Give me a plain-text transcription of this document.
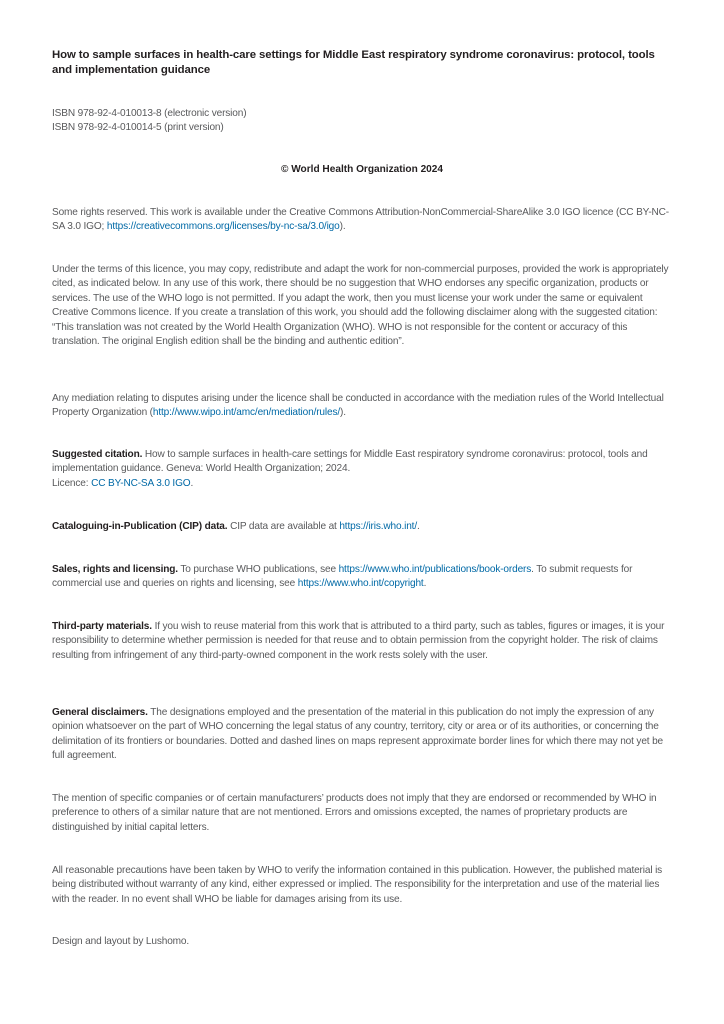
How to sample surfaces in health-care settings for Middle East respiratory syndrome coronavirus: protocol, tools and implementation guidance

ISBN 978-92-4-010013-8 (electronic version)
ISBN 978-92-4-010014-5 (print version)

© World Health Organization 2024

Some rights reserved. This work is available under the Creative Commons Attribution-NonCommercial-ShareAlike 3.0 IGO licence (CC BY-NC-SA 3.0 IGO; https://creativecommons.org/licenses/by-nc-sa/3.0/igo).

Under the terms of this licence, you may copy, redistribute and adapt the work for non-commercial purposes, provided the work is appropriately cited, as indicated below. In any use of this work, there should be no suggestion that WHO endorses any specific organization, products or services. The use of the WHO logo is not permitted. If you adapt the work, then you must license your work under the same or equivalent Creative Commons licence. If you create a translation of this work, you should add the following disclaimer along with the suggested citation: “This translation was not created by the World Health Organization (WHO). WHO is not responsible for the content or accuracy of this translation. The original English edition shall be the binding and authentic edition”.

Any mediation relating to disputes arising under the licence shall be conducted in accordance with the mediation rules of the World Intellectual Property Organization (http://www.wipo.int/amc/en/mediation/rules/).

Suggested citation. How to sample surfaces in health-care settings for Middle East respiratory syndrome coronavirus: protocol, tools and implementation guidance. Geneva: World Health Organization; 2024.
Licence: CC BY-NC-SA 3.0 IGO.

Cataloguing-in-Publication (CIP) data. CIP data are available at https://iris.who.int/.

Sales, rights and licensing. To purchase WHO publications, see https://www.who.int/publications/book-orders. To submit requests for commercial use and queries on rights and licensing, see https://www.who.int/copyright.

Third-party materials. If you wish to reuse material from this work that is attributed to a third party, such as tables, figures or images, it is your responsibility to determine whether permission is needed for that reuse and to obtain permission from the copyright holder. The risk of claims resulting from infringement of any third-party-owned component in the work rests solely with the user.

General disclaimers. The designations employed and the presentation of the material in this publication do not imply the expression of any opinion whatsoever on the part of WHO concerning the legal status of any country, territory, city or area or of its authorities, or concerning the delimitation of its frontiers or boundaries. Dotted and dashed lines on maps represent approximate border lines for which there may not yet be full agreement.

The mention of specific companies or of certain manufacturers’ products does not imply that they are endorsed or recommended by WHO in preference to others of a similar nature that are not mentioned. Errors and omissions excepted, the names of proprietary products are distinguished by initial capital letters.

All reasonable precautions have been taken by WHO to verify the information contained in this publication. However, the published material is being distributed without warranty of any kind, either expressed or implied. The responsibility for the interpretation and use of the material lies with the reader. In no event shall WHO be liable for damages arising from its use.

Design and layout by Lushomo.
